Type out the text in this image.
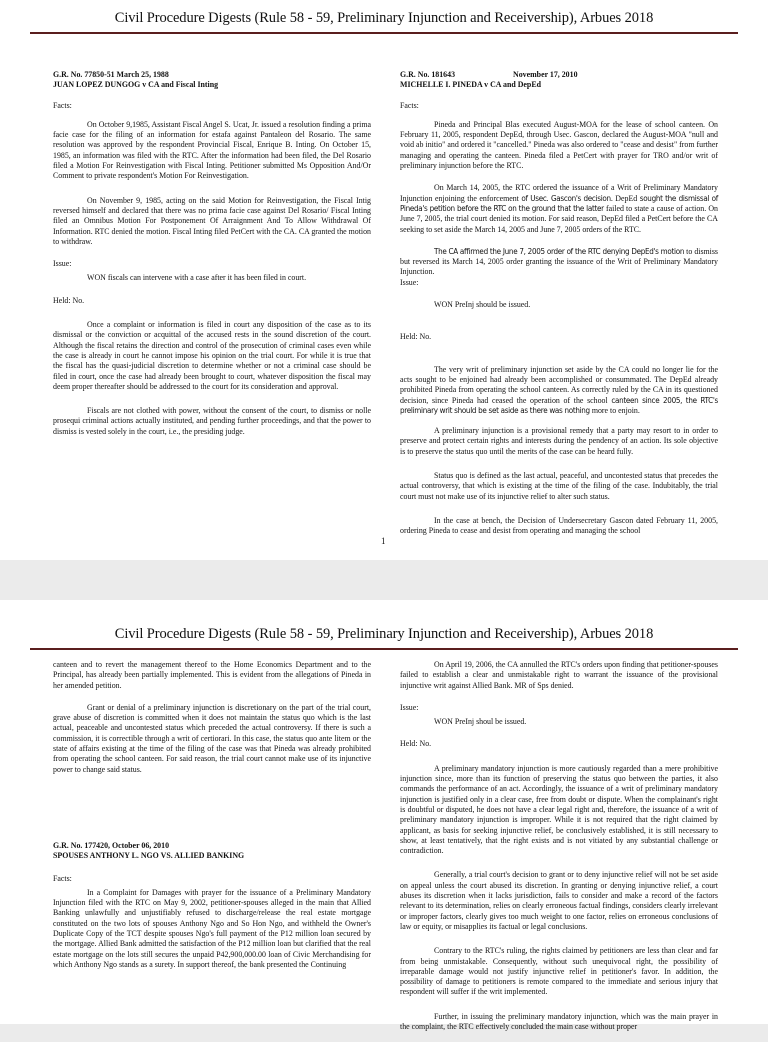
Civil Procedure Digests (Rule 58 - 59, Preliminary Injunction and Receivership), Arbues 2018
G.R. No. 77850-51 March 25, 1988
JUAN LOPEZ DUNGOG v CA and Fiscal Inting
Facts:

On October 9,1985, Assistant Fiscal Angel S. Ucat, Jr. issued a resolution finding a prima facie case for the filing of an information for estafa against Pantaleon del Rosario. The same resolution was approved by the respondent Provincial Fiscal, Enrique B. Inting. On October 15, 1985, an information was filed with the RTC. After the information had been filed, the Del Rosario filed a Motion For Reinvestigation with Fiscal Inting. Petitioner submitted Ms Opposition And/Or Comment to private respondent's Motion For Reinvestigation.

On November 9, 1985, acting on the said Motion for Reinvestigation, the Fiscal Intig reversed himself and declared that there was no prima facie case against Del Rosario/ Fiscal Inting filed an Omnibus Motion For Postponement Of Arraignment And To Allow Withdrawal Of Information. RTC denied the motion. Fiscal Inting filed PetCert with the CA. CA granted the motion to withdraw.

Issue:

WON fiscals can intervene with a case after it has been filed in court.

Held: No.

Once a complaint or information is filed in court any disposition of the case as to its dismissal or the conviction or acquittal of the accused rests in the sound discretion of the court. Although the fiscal retains the direction and control of the prosecution of criminal cases even while the case is already in court he cannot impose his opinion on the trial court. For while it is true that the fiscal has the quasi-judicial discretion to determine whether or not a criminal case should be filed in court, once the case had already been brought to court, whatever disposition the fiscal may deem proper thereafter should be addressed to the court for its consideration and approval.

Fiscals are not clothed with power, without the consent of the court, to dismiss or nolle prosequi criminal actions actually instituted, and pending further proceedings, and that the power to dismiss is vested solely in the court, i.e., the presiding judge.

G.R. No. 181643	November 17, 2010
MICHELLE I. PINEDA v CA and DepEd
Facts:

Pineda and Principal Blas executed August-MOA for the lease of school canteen. On February 11, 2005, respondent DepEd, through Usec. Gascon, declared the August-MOA "null and void ab initio" and ordered it "cancelled." Pineda was also ordered to "cease and desist" from further managing and operating the canteen. Pineda filed a PetCert with prayer for TRO and/or writ of preliminary injunction before the RTC.

On March 14, 2005, the RTC ordered the issuance of a Writ of Preliminary Mandatory Injunction enjoining the enforcement of Usec. Gascon's decision. DepEd sought the dismissal of Pineda's petition before the RTC on the ground that the latter failed to state a cause of action. On June 7, 2005, the trial court denied its motion. For said reason, DepEd filed a PetCert before the CA seeking to set aside the March 14, 2005 and June 7, 2005 orders of the RTC.

The CA affirmed the June 7, 2005 order of the RTC denying DepEd's motion to dismiss but reversed its March 14, 2005 order granting the issuance of the Writ of Preliminary Mandatory Injunction.

Issue:

WON PreInj should be issued.

Held: No.

The very writ of preliminary injunction set aside by the CA could no longer lie for the acts sought to be enjoined had already been accomplished or consummated. The DepEd already prohibited Pineda from operating the school canteen. As correctly ruled by the CA in its questioned decision, since Pineda had ceased the operation of the school canteen since 2005, the RTC's preliminary writ should be set aside as there was nothing more to enjoin.

A preliminary injunction is a provisional remedy that a party may resort to in order to preserve and protect certain rights and interests during the pendency of an action. Its sole objective is to preserve the status quo until the merits of the case can be heard fully.

Status quo is defined as the last actual, peaceful, and uncontested status that precedes the actual controversy, that which is existing at the time of the filing of the case. Indubitably, the trial court must not make use of its injunctive relief to alter such status.

In the case at bench, the Decision of Undersecretary Gascon dated February 11, 2005, ordering Pineda to cease and desist from operating and managing the school

1
Civil Procedure Digests (Rule 58 - 59, Preliminary Injunction and Receivership), Arbues 2018

canteen and to revert the management thereof to the Home Economics Department and to the Principal, has already been partially implemented. This is evident from the allegations of Pineda in her amended petition.

Grant or denial of a preliminary injunction is discretionary on the part of the trial court, grave abuse of discretion is committed when it does not maintain the status quo which is the last actual, peaceable and uncontested status which preceded the actual controversy. If there is such a commission, it is correctible through a writ of certiorari. In this case, the status quo ante litem or the state of affairs existing at the time of the filing of the case was that Pineda was already prohibited from operating the school canteen. For said reason, the trial court cannot make use of its injunctive power to change said status.

G.R. No. 177420, October 06, 2010
SPOUSES ANTHONY L. NGO VS. ALLIED BANKING
Facts:

In a Complaint for Damages with prayer for the issuance of a Preliminary Mandatory Injunction filed with the RTC on May 9, 2002, petitioner-spouses alleged in the main that Allied Banking unlawfully and unjustifiably refused to discharge/release the real estate mortgage constituted on the two lots of spouses Anthony Ngo and So Hon Ngo, and withheld the Owner's Duplicate Copy of the TCT despite spouses Ngo's full payment of the P12 million loan secured by the mortgage. Allied Bank admitted the satisfaction of the P12 million loan but clarified that the real estate mortgage on the lots still secures the unpaid P42,900,000.00 loan of Civic Merchandising for which Anthony Ngo stands as a surety. In support thereof, the bank presented the Continuing

On April 19, 2006, the CA annulled the RTC's orders upon finding that petitioner-spouses failed to establish a clear and unmistakable right to warrant the issuance of the provisional injunctive writ against Allied Bank. MR of Sps denied.

Issue:

WON PreInj shoul be issued.

Held: No.

A preliminary mandatory injunction is more cautiously regarded than a mere prohibitive injunction since, more than its function of preserving the status quo between the parties, it also commands the performance of an act. Accordingly, the issuance of a writ of preliminary mandatory injunction is justified only in a clear case, free from doubt or dispute. When the complainant's right is doubtful or disputed, he does not have a clear legal right and, therefore, the issuance of a writ of preliminary mandatory injunction is improper. While it is not required that the right claimed by applicant, as basis for seeking injunctive relief, be conclusively established, it is still necessary to show, at least tentatively, that the right exists and is not vitiated by any substantial challenge or contradiction.

Generally, a trial court's decision to grant or to deny injunctive relief will not be set aside on appeal unless the court abused its discretion. In granting or denying injunctive relief, a court abuses its discretion when it lacks jurisdiction, fails to consider and make a record of the factors relevant to its determination, relies on clearly erroneous factual findings, considers clearly irrelevant or improper factors, clearly gives too much weight to one factor, relies on erroneous conclusions of law or equity, or misapplies its factual or legal conclusions.

Contrary to the RTC's ruling, the rights claimed by petitioners are less than clear and far from being unmistakable. Consequently, without such unequivocal right, the possibility of irreparable damage would not justify injunctive relief in petitioner's favor. In addition, the possibility of damage to petitioners is remote compared to the immediate and serious injury that respondent will suffer if the writ implemented.

Further, in issuing the preliminary mandatory injunction, which was the main prayer in the complaint, the RTC effectively concluded the main case without proper
